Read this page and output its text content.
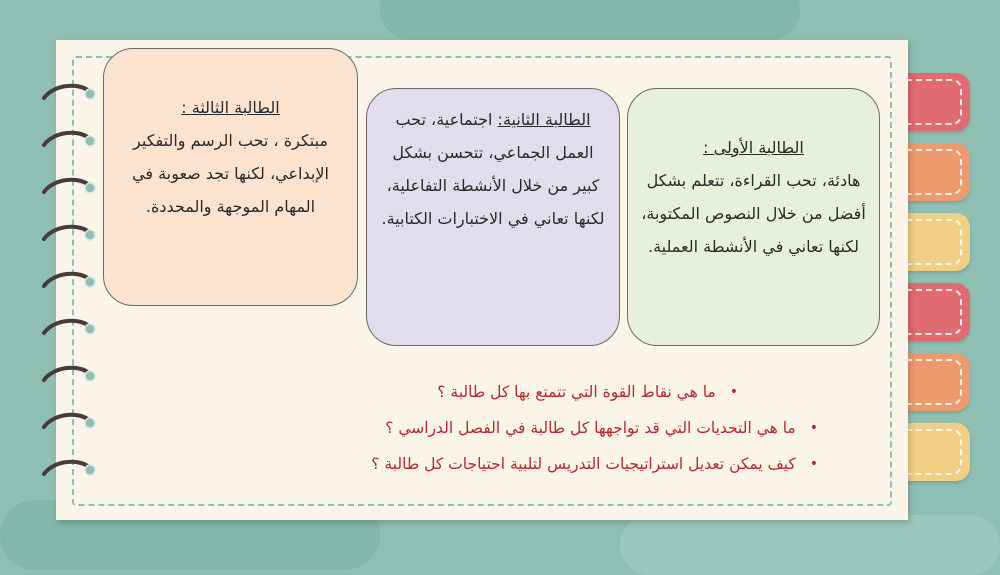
الطالبة الثالثة :
مبتكرة ، تحب الرسم والتفكير الإبداعي، لكنها تجد صعوبة في المهام الموجهة والمحددة.
الطالبة الثانية: اجتماعية، تحب العمل الجماعي، تتحسن بشكل كبير من خلال الأنشطة التفاعلية، لكنها تعاني في الاختبارات الكتابية.
الطالبة الأولى :
هادئة، تحب القراءة، تتعلم بشكل أفضل من خلال النصوص المكتوبة، لكنها تعاني في الأنشطة العملية.
•
ما هي نقاط القوة التي تتمتع بها كل طالبة ؟
•
ما هي التحديات التي قد تواجهها كل طالبة في الفصل الدراسي ؟
•
كيف يمكن تعديل استراتيجيات التدريس لتلبية احتياجات كل طالبة ؟
